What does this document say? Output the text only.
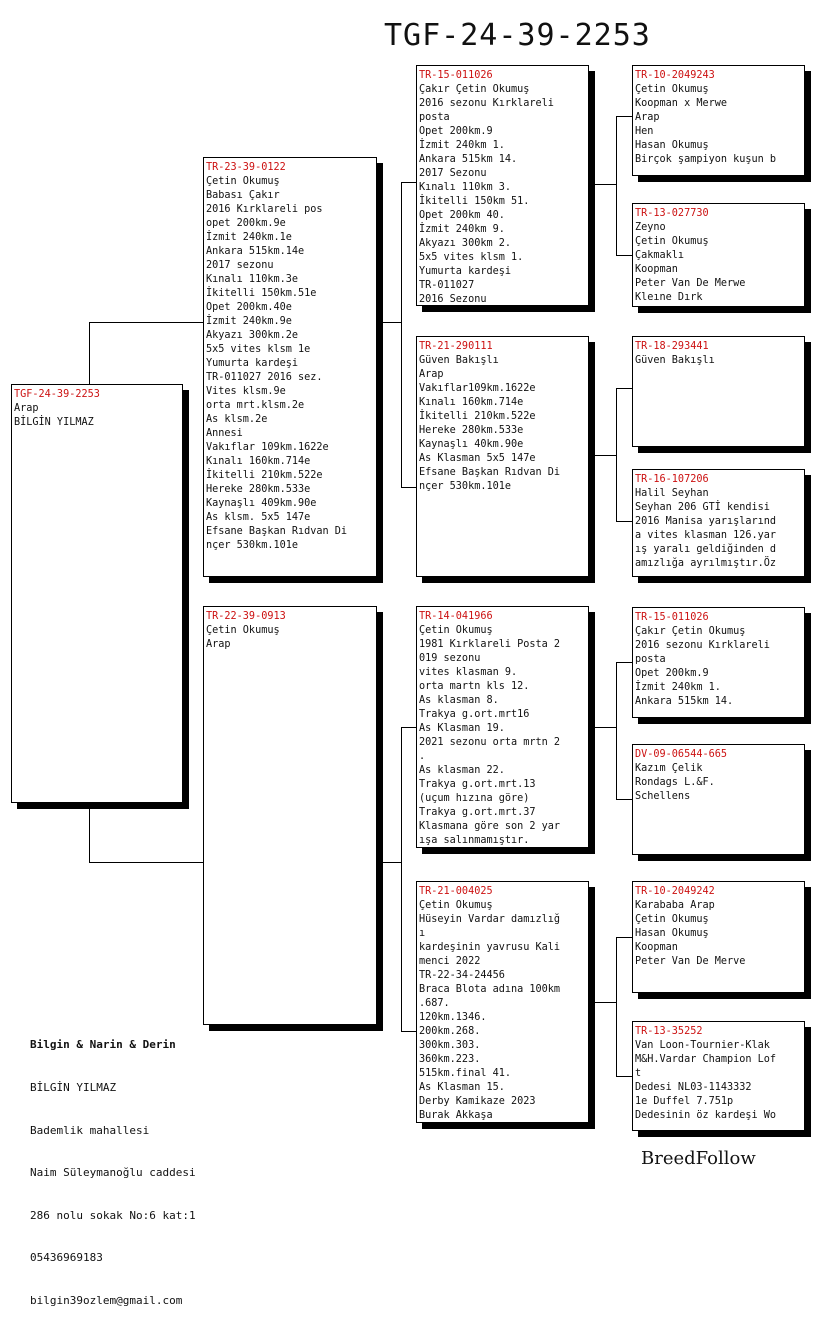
TGF-24-39-2253
TGF-24-39-2253
Arap
BİLGİN YILMAZ
TR-23-39-0122
Çetin Okumuş
Babası Çakır
2016 Kırklareli pos
opet 200km.9e
İzmit 240km.1e
Ankara 515km.14e
2017 sezonu
Kınalı 110km.3e
İkitelli 150km.51e
Opet 200km.40e
İzmit 240km.9e
Akyazı 300km.2e
5x5 vites klsm 1e
Yumurta kardeşi
TR-011027 2016 sez.
Vites klsm.9e
orta mrt.klsm.2e
As klsm.2e
Annesi
Vakıflar 109km.1622e
Kınalı 160km.714e
İkitelli 210km.522e
Hereke 280km.533e
Kaynaşlı 409km.90e
As klsm. 5x5 147e
Efsane Başkan Rıdvan Di
nçer 530km.101e
TR-22-39-0913
Çetin Okumuş
Arap
TR-15-011026
Çakır Çetin Okumuş
2016 sezonu Kırklareli
posta
Opet 200km.9
İzmit 240km 1.
Ankara 515km 14.
2017 Sezonu
Kınalı 110km 3.
İkitelli 150km 51.
Opet 200km 40.
İzmit 240km 9.
Akyazı 300km 2.
5x5 vites klsm 1.
Yumurta kardeşi
TR-011027
2016 Sezonu
TR-21-290111
Güven Bakışlı
Arap
Vakıflar109km.1622e
Kınalı 160km.714e
İkitelli 210km.522e
Hereke 280km.533e
Kaynaşlı 40km.90e
As Klasman 5x5 147e
Efsane Başkan Rıdvan Di
nçer 530km.101e
TR-14-041966
Çetin Okumuş
1981 Kırklareli Posta 2
019 sezonu
vites klasman 9.
orta martn kls 12.
As klasman 8.
Trakya g.ort.mrt16
As Klasman 19.
2021 sezonu orta mrtn 2
.
As klasman 22.
Trakya g.ort.mrt.13
(uçum hızına göre)
Trakya g.ort.mrt.37
Klasmana göre son 2 yar
ışa salınmamıştır.
TR-21-004025
Çetin Okumuş
Hüseyin Vardar damızlığ
ı
kardeşinin yavrusu Kali
menci 2022
TR-22-34-24456
Braca Blota adına 100km
.687.
120km.1346.
200km.268.
300km.303.
360km.223.
515km.final 41.
As Klasman 15.
Derby Kamikaze 2023
Burak Akkaşa
TR-10-2049243
Çetin Okumuş
Koopman x Merwe
Arap
Hen
Hasan Okumuş
Birçok şampiyon kuşun b
TR-13-027730
Zeyno
Çetin Okumuş
Çakmaklı
Koopman
Peter Van De Merwe
Kleıne Dırk
TR-18-293441
Güven Bakışlı
TR-16-107206
Halil Seyhan
Seyhan 206 GTİ kendisi
2016 Manisa yarışlarınd
a vites klasman 126.yar
ış yaralı geldiğinden d
amızlığa ayrılmıştır.Öz
TR-15-011026
Çakır Çetin Okumuş
2016 sezonu Kırklareli
posta
Opet 200km.9
İzmit 240km 1.
Ankara 515km 14.
DV-09-06544-665
Kazım Çelik
Rondags L.&F.
Schellens
TR-10-2049242
Karababa Arap
Çetin Okumuş
Hasan Okumuş
Koopman
Peter Van De Merve
TR-13-35252
Van Loon-Tournier-Klak
M&H.Vardar Champion Lof
t
Dedesi NL03-1143332
1e Duffel 7.751p
Dedesinin öz kardeşi Wo

Bilgin & Narin & Derin

BİLGİN YILMAZ

Bademlik mahallesi

Naim Süleymanoğlu caddesi

286 nolu sokak No:6 kat:1

05436969183

bilgin39ozlem@gmail.com

BreedFollow
